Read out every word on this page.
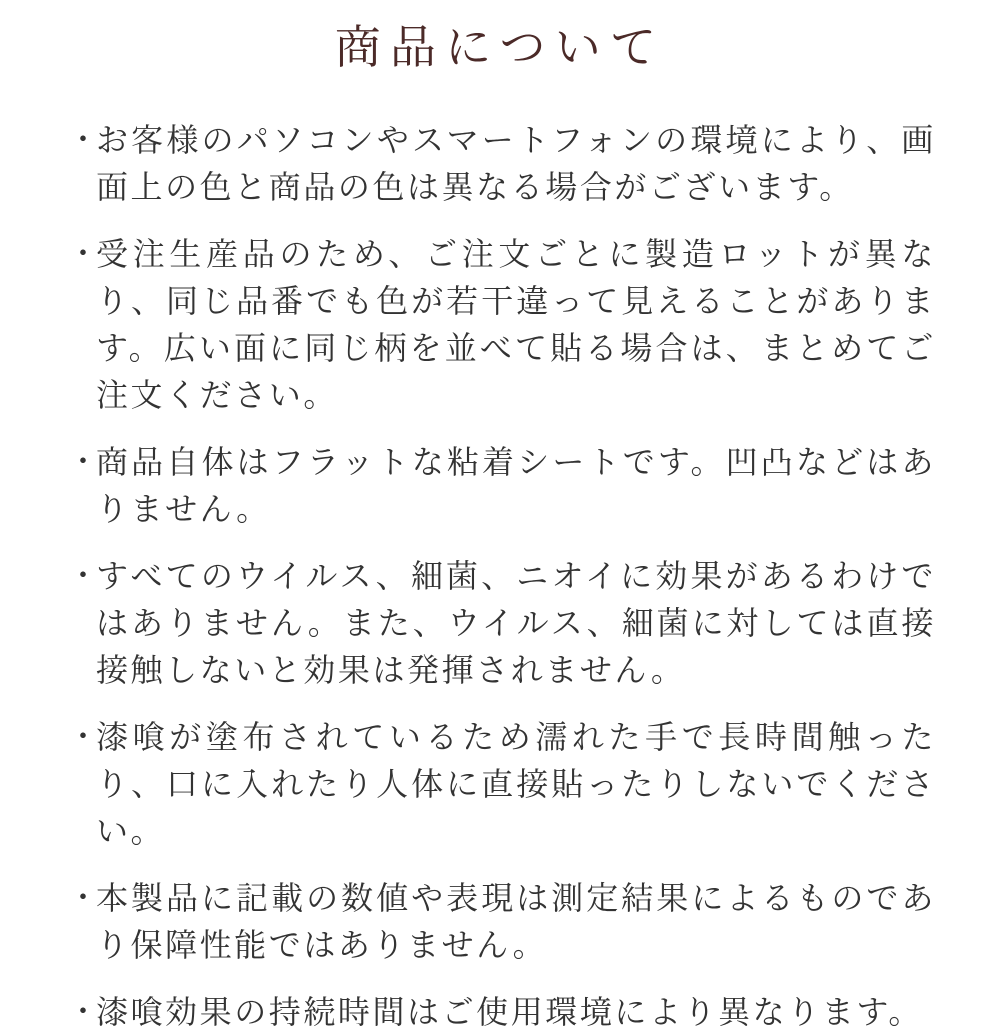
商品について
・
お客様のパソコンやスマートフォンの環境により、画面上の色と商品の色は異なる場合がございます。
・
受注生産品のため、ご注文ごとに製造ロットが異なり、同じ品番でも色が若干違って見えることがあります。広い面に同じ柄を並べて貼る場合は、まとめてご注文ください。
・
商品自体はフラットな粘着シートです。凹凸などはありません。
・
すべてのウイルス、細菌、ニオイに効果があるわけではありません。また、ウイルス、細菌に対しては直接接触しないと効果は発揮されません。
・
漆喰が塗布されているため濡れた手で長時間触ったり、口に入れたり人体に直接貼ったりしないでください。
・
本製品に記載の数値や表現は測定結果によるものであり保障性能ではありません。
・
漆喰効果の持続時間はご使用環境により異なります。
